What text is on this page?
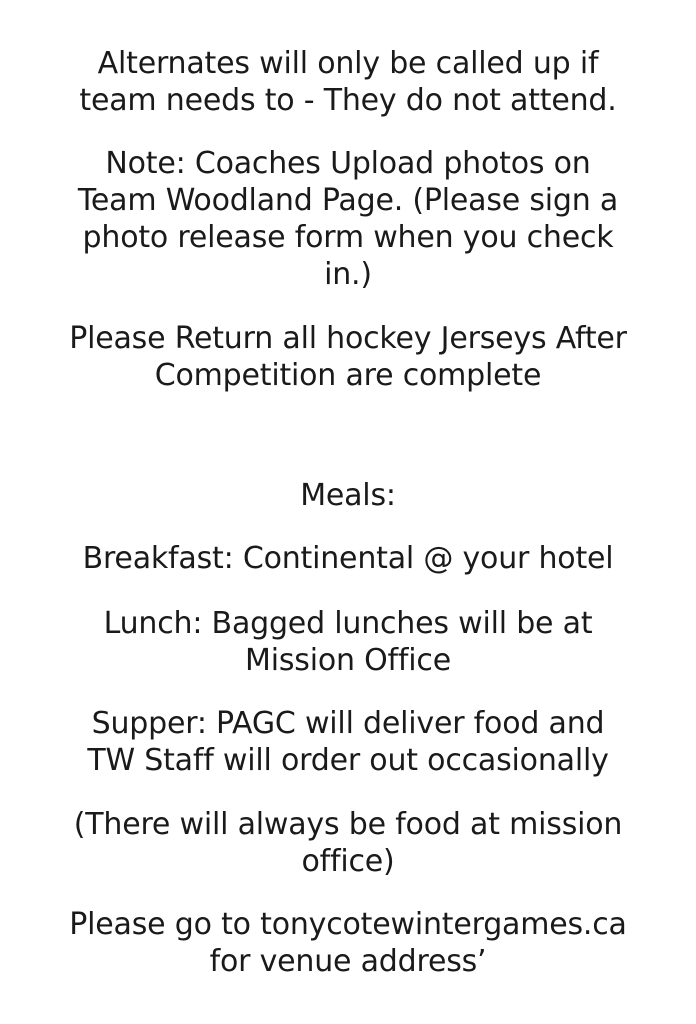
Alternates will only be called up if
team needs to - They do not attend.

Note: Coaches Upload photos on
Team Woodland Page. (Please sign a
photo release form when you check
in.)

Please Return all hockey Jerseys After
Competition are complete

Meals:

Breakfast: Continental @ your hotel

Lunch: Bagged lunches will be at
Mission Office

Supper: PAGC will deliver food and
TW Staff will order out occasionally

(There will always be food at mission
office)

Please go to tonycotewintergames.ca
for venue address’
